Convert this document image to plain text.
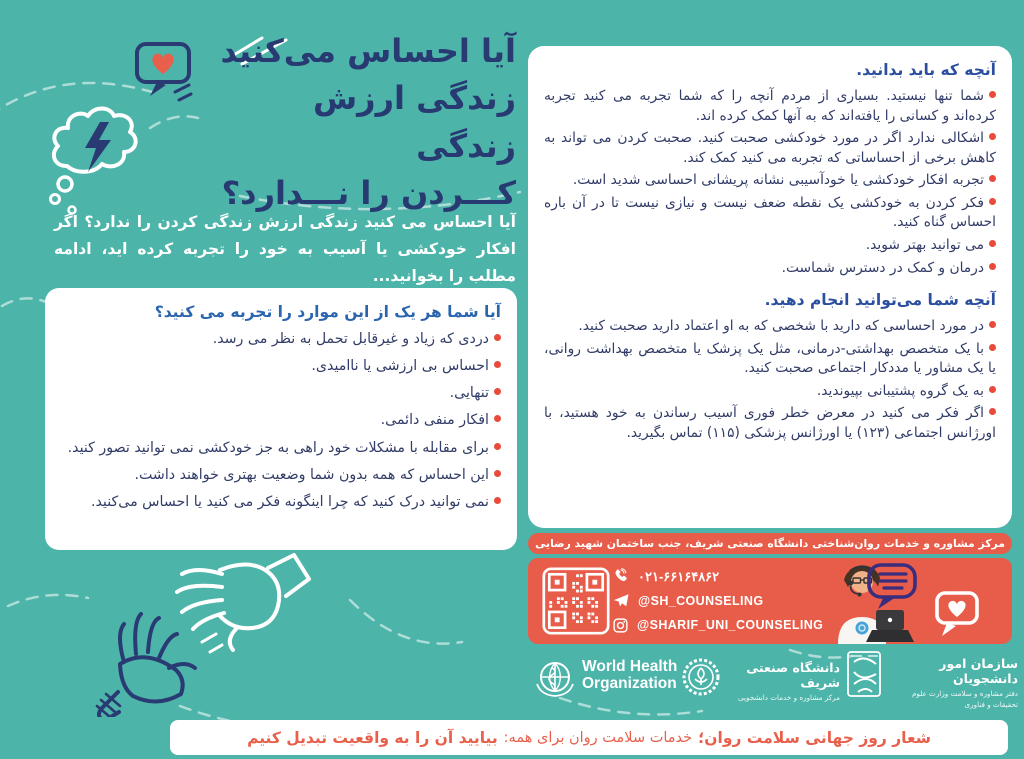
آیا احساس می‌کنید
زندگی ارزش زندگی
کـــردن را نـــدارد؟
آیا احساس می کنید زندگی ارزش زندگی کردن را ندارد؟ اگر افکار خودکشی یا آسیب به خود را تجربه کرده اید، ادامه مطلب را بخوانید...
آیا شما هر یک از این موارد را تجربه می کنید؟
دردی که زیاد و غیرقابل تحمل به نظر می رسد.
احساس بی ارزشی یا ناامیدی.
تنهایی.
افکار منفی دائمی.
برای مقابله با مشکلات خود راهی به جز خودکشی نمی توانید تصور کنید.
این احساس که همه بدون شما وضعیت بهتری خواهند داشت.
نمی توانید درک کنید که چرا اینگونه فکر می کنید یا احساس می‌کنید.
آنچه که باید بدانید.
شما تنها نیستید. بسیاری از مردم آنچه را که شما تجربه می کنید تجربه کرده‌اند و کسانی را یافته‌اند که به آنها کمک کرده اند.
اشکالی ندارد اگر در مورد خودکشی صحبت کنید. صحبت کردن می تواند به کاهش برخی از احساساتی که تجربه می کنید کمک کند.
تجربه افکار خودکشی یا خودآسیبی نشانه پریشانی احساسی شدید است.
فکر کردن به خودکشی یک نقطه ضعف نیست و نیازی نیست تا در آن باره احساس گناه کنید.
می توانید بهتر شوید.
درمان و کمک در دسترس شماست.
آنچه شما می‌توانید انجام دهید.
در مورد احساسی که دارید با شخصی که به او اعتماد دارید صحبت کنید.
با یک متخصص بهداشتی-درمانی، مثل یک پزشک یا متخصص بهداشت روانی، یا یک مشاور یا مددکار اجتماعی صحبت کنید.
به یک گروه پشتیبانی بپیوندید.
اگر فکر می کنید در معرض خطر فوری آسیب رساندن به خود هستید، با اورژانس اجتماعی (۱۲۳) یا اورژانس پزشکی (۱۱۵) تماس بگیرید.
مرکز مشاوره و خدمات روان‌شناختی دانشگاه صنعتی شریف، جنب ساختمان شهید رضایی
۰۲۱-۶۶۱۶۴۸۶۲
@SH_COUNSELING
@SHARIF_UNI_COUNSELING
World Health
Organization
دانشگاه صنعتی شریف
مرکز مشاوره و خدمات دانشجویی
سازمان امور دانشجویان
دفتر مشاوره و سلامت وزارت علوم
تحقیقات و فناوری
شعار روز جهانی سلامت روان؛
خدمات سلامت روان برای همه:
بیایید آن را به واقعیت تبدیل کنیم
